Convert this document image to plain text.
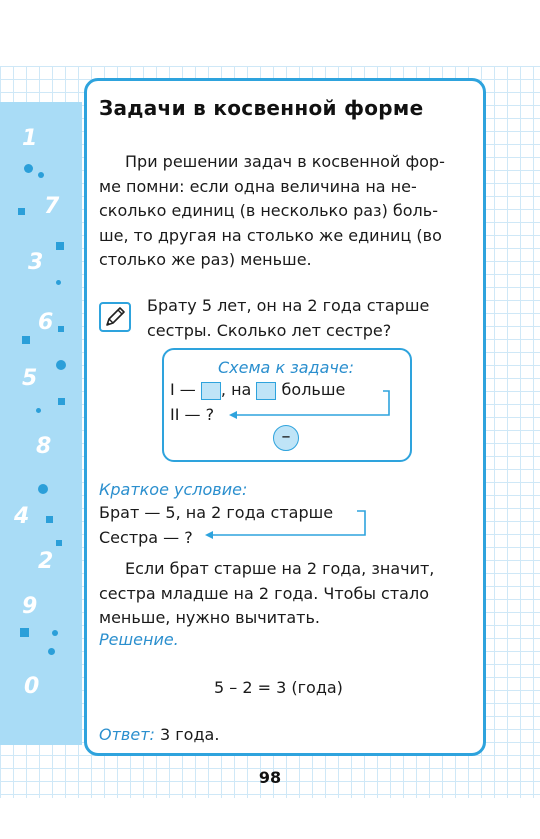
1
7
3
6
5
8
4
2
9
0
Задачи в косвенной форме
При решении задач в косвенной фор-
ме помни: если одна величина на не-
сколько единиц (в несколько раз) боль-
ше, то другая на столько же единиц (во
столько же раз) меньше.
Брату 5 лет, он на 2 года старше
сестры. Сколько лет сестре?
Схема к задаче:
I — , на больше
II — ?
–
Краткое условие:
Брат — 5, на 2 года старше
Сестра — ?
Если брат старше на 2 года, значит,
сестра младше на 2 года. Чтобы стало
меньше, нужно вычитать.
Решение.
5 – 2 = 3 (года)
Ответ: 3 года.
98
